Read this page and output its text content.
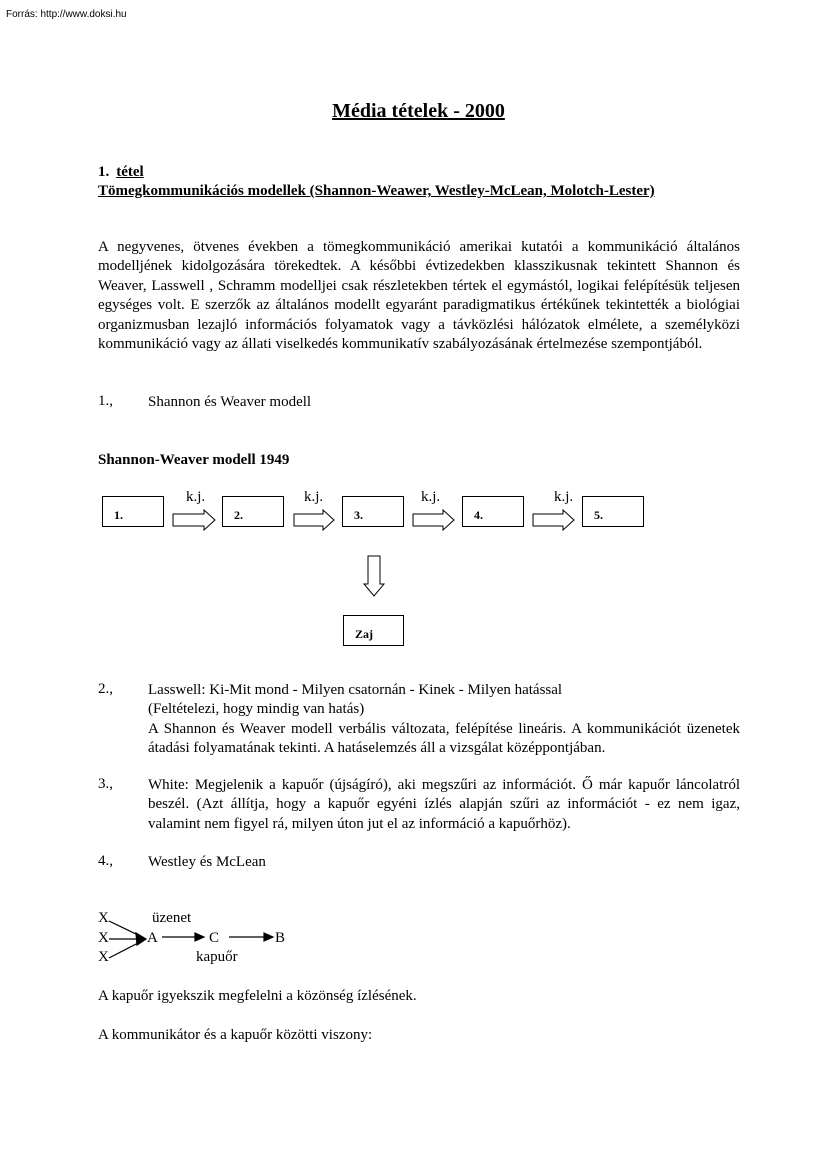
Forrás: http://www.doksi.hu
Média tételek - 2000
1. tétel
Tömegkommunikációs modellek (Shannon-Weawer, Westley-McLean, Molotch-Lester)

A negyvenes, ötvenes években a tömegkommunikáció amerikai kutatói a kommunikáció általános modelljének kidolgozására törekedtek. A későbbi évtizedekben klasszikusnak tekintett Shannon és Weaver, Lasswell , Schramm modelljei csak részletekben tértek el egymástól, logikai felépítésük teljesen egységes volt. E szerzők az általános modellt egyaránt paradigmatikus értékűnek tekintették a biológiai organizmusban lezajló információs folyamatok vagy a távközlési hálózatok elmélete, a személyközi kommunikáció vagy az állati viselkedés kommunikatív szabályozásának értelmezése szempontjából.

1., Shannon és Weaver modell

Shannon-Weaver modell 1949
1.	2.	3.	4.	5.
k.j.	k.j.	k.j.	k.j.
Zaj
2., Lasswell: Ki-Mit mond - Milyen csatornán - Kinek - Milyen hatással

(Feltételezi, hogy mindig van hatás)

A Shannon és Weaver modell verbális változata, felépítése lineáris. A kommunikációt üzenetek átadási folyamatának tekinti. A hatáselemzés áll a vizsgálat középpontjában.

3., White: Megjelenik a kapuőr (újságíró), aki megszűri az információt. Ő már kapuőr láncolatról beszél. (Azt állítja, hogy a kapuőr egyéni ízlés alapján szűri az információt - ez nem igaz, valamint nem figyel rá, milyen úton jut el az információ a kapuőrhöz).

4., Westley és McLean

X
X
X
üzenet
A	C	B
kapuőr
A kapuőr igyekszik megfelelni a közönség ízlésének.
A kommunikátor és a kapuőr közötti viszony:
